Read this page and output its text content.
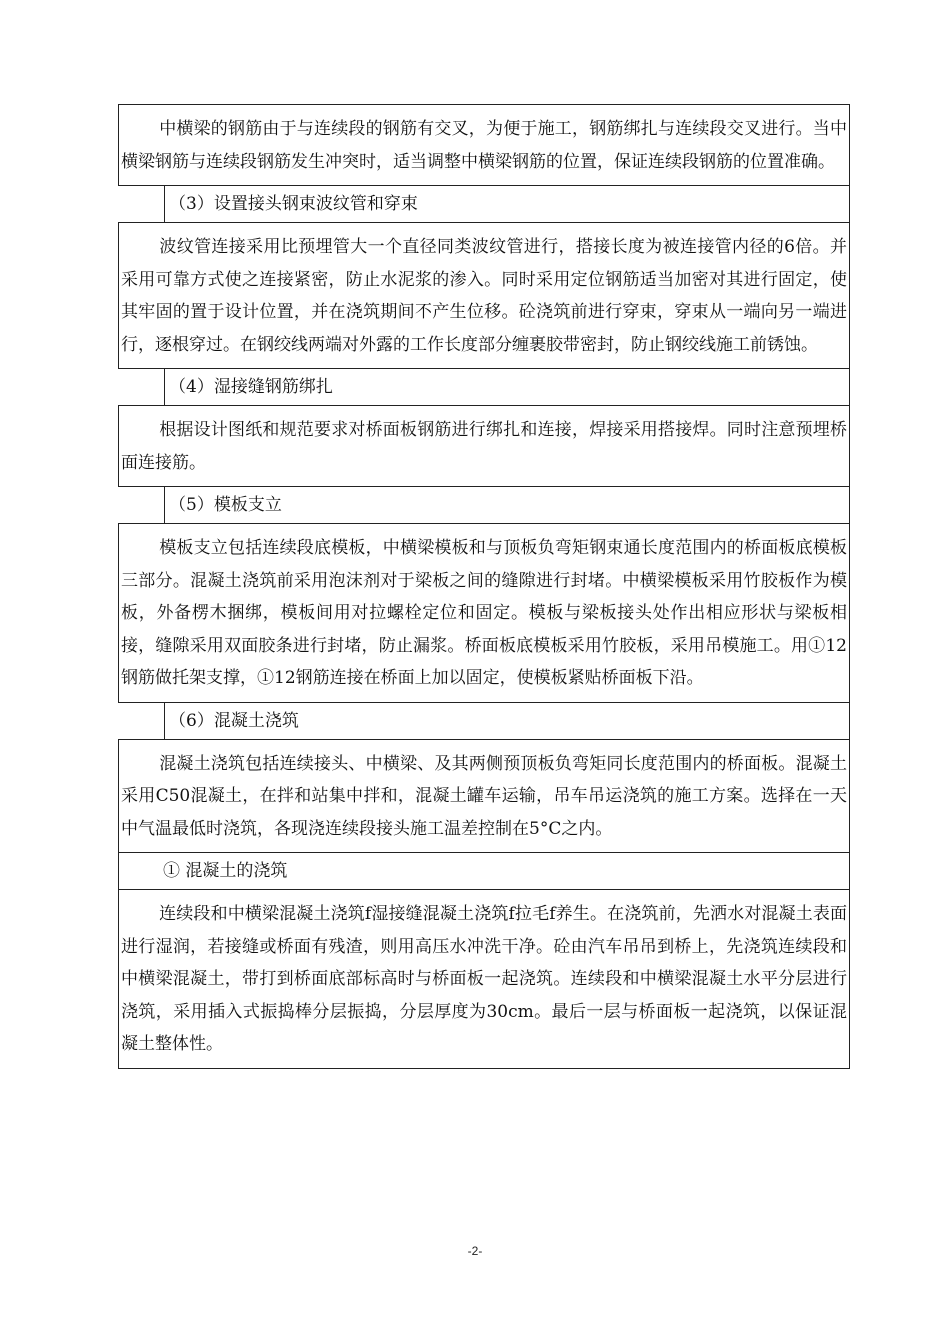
中横梁的钢筋由于与连续段的钢筋有交叉，为便于施工，钢筋绑扎与连续段交叉进行。当中横梁钢筋与连续段钢筋发生冲突时，适当调整中横梁钢筋的位置，保证连续段钢筋的位置准确。
（3）设置接头钢束波纹管和穿束
波纹管连接采用比预埋管大一个直径同类波纹管进行，搭接长度为被连接管内径的6倍。并采用可靠方式使之连接紧密，防止水泥浆的渗入。同时采用定位钢筋适当加密对其进行固定，使其牢固的置于设计位置，并在浇筑期间不产生位移。砼浇筑前进行穿束，穿束从一端向另一端进行，逐根穿过。在钢绞线两端对外露的工作长度部分缠裹胶带密封，防止钢绞线施工前锈蚀。
（4）湿接缝钢筋绑扎
根据设计图纸和规范要求对桥面板钢筋进行绑扎和连接，焊接采用搭接焊。同时注意预埋桥面连接筋。
（5）模板支立
模板支立包括连续段底模板，中横梁模板和与顶板负弯矩钢束通长度范围内的桥面板底模板三部分。混凝土浇筑前采用泡沫剂对于梁板之间的缝隙进行封堵。中横梁模板采用竹胶板作为模板，外备楞木捆绑，模板间用对拉螺栓定位和固定。模板与梁板接头处作出相应形状与梁板相接，缝隙采用双面胶条进行封堵，防止漏浆。桥面板底模板采用竹胶板，采用吊模施工。用①12钢筋做托架支撑，①12钢筋连接在桥面上加以固定，使模板紧贴桥面板下沿。
（6）混凝土浇筑
混凝土浇筑包括连续接头、中横梁、及其两侧预顶板负弯矩同长度范围内的桥面板。混凝土采用C50混凝土，在拌和站集中拌和，混凝土罐车运输，吊车吊运浇筑的施工方案。选择在一天中气温最低时浇筑，各现浇连续段接头施工温差控制在5°C之内。
① 混凝土的浇筑
连续段和中横梁混凝土浇筑f湿接缝混凝土浇筑f拉毛f养生。在浇筑前，先洒水对混凝土表面进行湿润，若接缝或桥面有残渣，则用高压水冲洗干净。砼由汽车吊吊到桥上，先浇筑连续段和中横梁混凝土，带打到桥面底部标高时与桥面板一起浇筑。连续段和中横梁混凝土水平分层进行浇筑，采用插入式振捣棒分层振捣，分层厚度为30cm。最后一层与桥面板一起浇筑，以保证混凝土整体性。
-2-
